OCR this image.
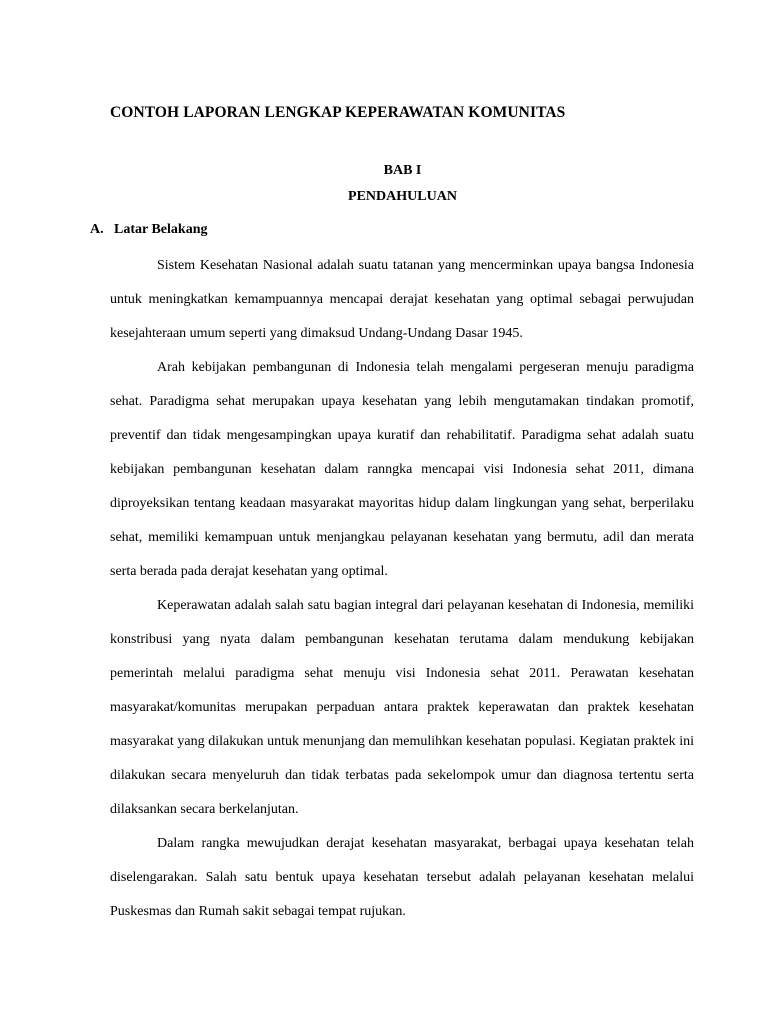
CONTOH LAPORAN LENGKAP KEPERAWATAN KOMUNITAS
BAB I
PENDAHULUAN
A. Latar Belakang

Sistem Kesehatan Nasional adalah suatu tatanan yang mencerminkan upaya bangsa Indonesia untuk meningkatkan kemampuannya mencapai derajat kesehatan yang optimal sebagai perwujudan kesejahteraan umum seperti yang dimaksud Undang-Undang Dasar 1945.

Arah kebijakan pembangunan di Indonesia telah mengalami pergeseran menuju paradigma sehat. Paradigma sehat merupakan upaya kesehatan yang lebih mengutamakan tindakan promotif, preventif dan tidak mengesampingkan upaya kuratif dan rehabilitatif. Paradigma sehat adalah suatu kebijakan pembangunan kesehatan dalam ranngka mencapai visi Indonesia sehat 2011, dimana diproyeksikan tentang keadaan masyarakat mayoritas hidup dalam lingkungan yang sehat, berperilaku sehat, memiliki kemampuan untuk menjangkau pelayanan kesehatan yang bermutu, adil dan merata serta berada pada derajat kesehatan yang optimal.

Keperawatan adalah salah satu bagian integral dari pelayanan kesehatan di Indonesia, memiliki konstribusi yang nyata dalam pembangunan kesehatan terutama dalam mendukung kebijakan pemerintah melalui paradigma sehat menuju visi Indonesia sehat 2011. Perawatan kesehatan masyarakat/komunitas merupakan perpaduan antara praktek keperawatan dan praktek kesehatan masyarakat yang dilakukan untuk menunjang dan memulihkan kesehatan populasi. Kegiatan praktek ini dilakukan secara menyeluruh dan tidak terbatas pada sekelompok umur dan diagnosa tertentu serta dilaksankan secara berkelanjutan.

Dalam rangka mewujudkan derajat kesehatan masyarakat, berbagai upaya kesehatan telah diselengarakan. Salah satu bentuk upaya kesehatan tersebut adalah pelayanan kesehatan melalui Puskesmas dan Rumah sakit sebagai tempat rujukan.
